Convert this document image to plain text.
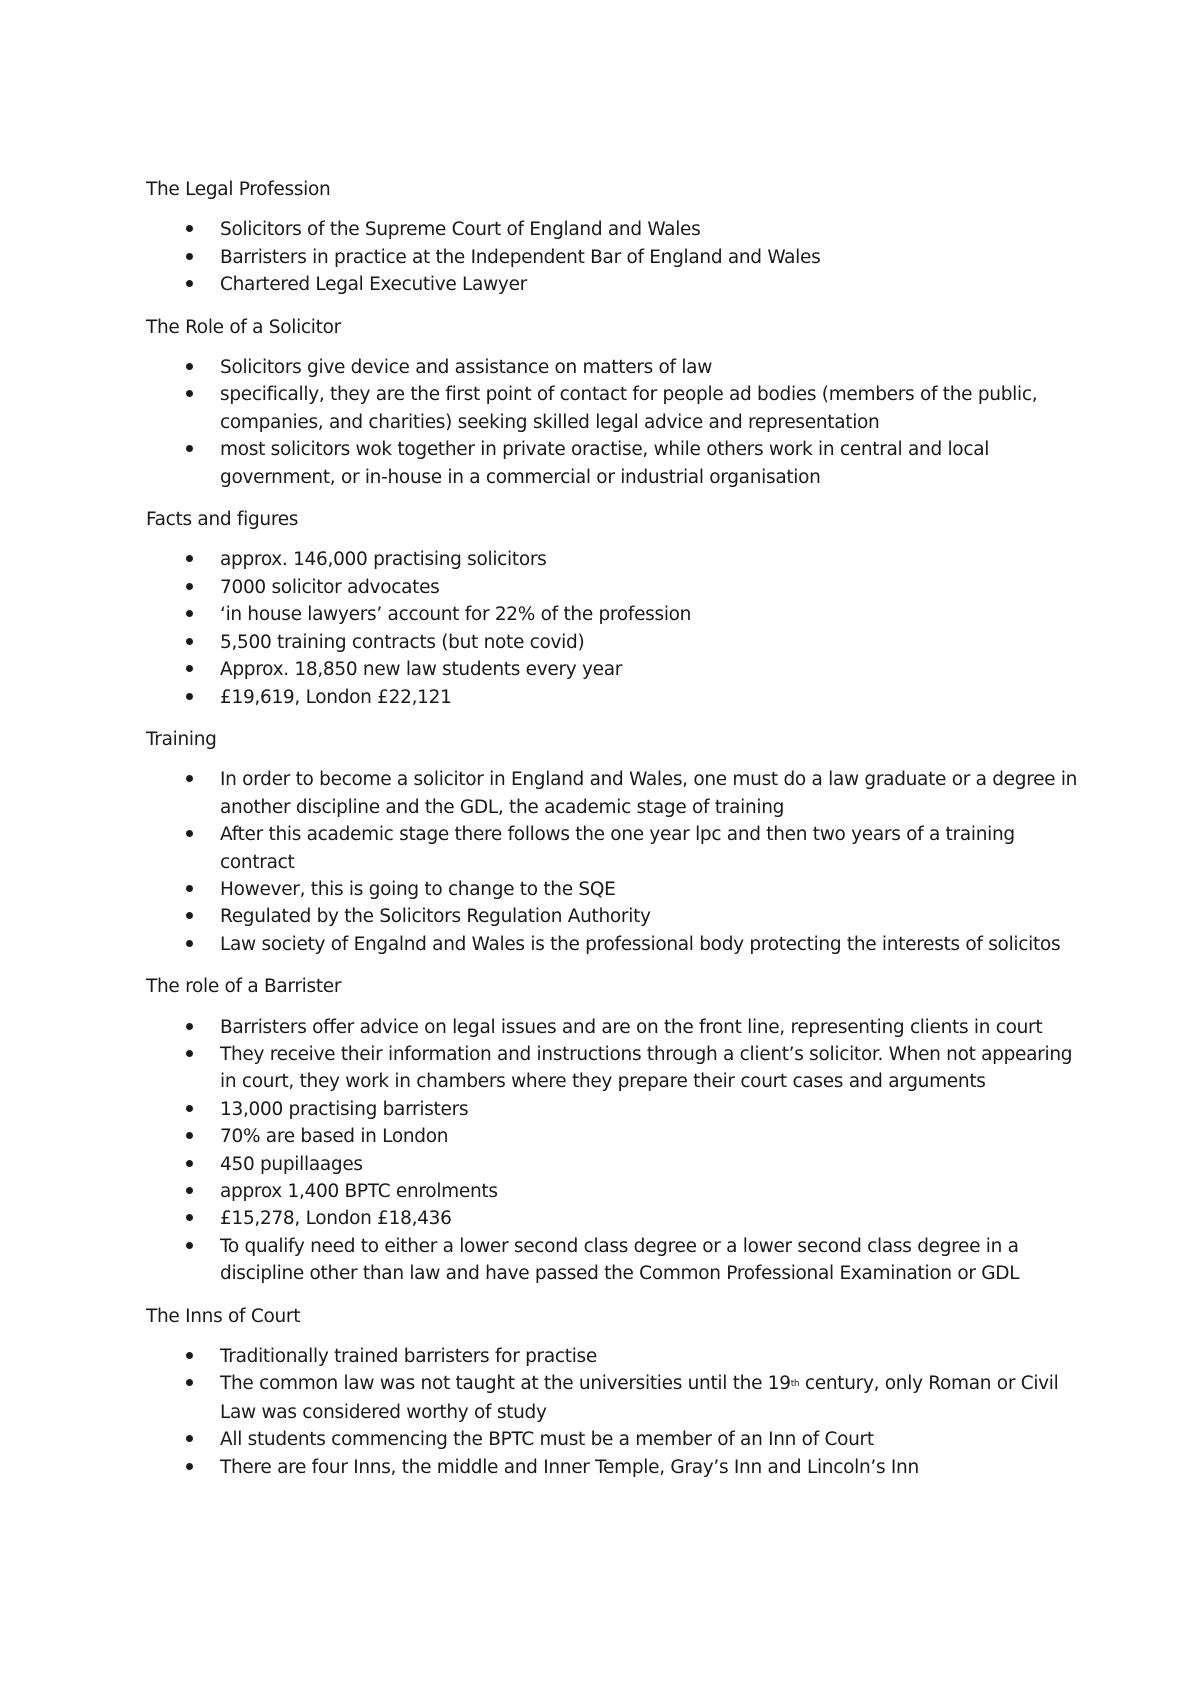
The Legal Profession

Solicitors of the Supreme Court of England and Wales
Barristers in practice at the Independent Bar of England and Wales
Chartered Legal Executive Lawyer

The Role of a Solicitor

Solicitors give device and assistance on matters of law
specifically, they are the first point of contact for people ad bodies (members of the public, companies, and charities) seeking skilled legal advice and representation
most solicitors wok together in private oractise, while others work in central and local government, or in-house in a commercial or industrial organisation

Facts and figures

approx. 146,000 practising solicitors
7000 solicitor advocates
‘in house lawyers’ account for 22% of the profession
5,500 training contracts (but note covid)
Approx. 18,850 new law students every year
£19,619, London £22,121

Training

In order to become a solicitor in England and Wales, one must do a law graduate or a degree in another discipline and the GDL, the academic stage of training
After this academic stage there follows the one year lpc and then two years of a training contract
However, this is going to change to the SQE
Regulated by the Solicitors Regulation Authority
Law society of Engalnd and Wales is the professional body protecting the interests of solicitos

The role of a Barrister

Barristers offer advice on legal issues and are on the front line, representing clients in court
They receive their information and instructions through a client’s solicitor. When not appearing in court, they work in chambers where they prepare their court cases and arguments
13,000 practising barristers
70% are based in London
450 pupillaages
approx 1,400 BPTC enrolments
£15,278, London £18,436
To qualify need to either a lower second class degree or a lower second class degree in a discipline other than law and have passed the Common Professional Examination or GDL

The Inns of Court

Traditionally trained barristers for practise
The common law was not taught at the universities until the 19th century, only Roman or Civil Law was considered worthy of study
All students commencing the BPTC must be a member of an Inn of Court
There are four Inns, the middle and Inner Temple, Gray’s Inn and Lincoln’s Inn
